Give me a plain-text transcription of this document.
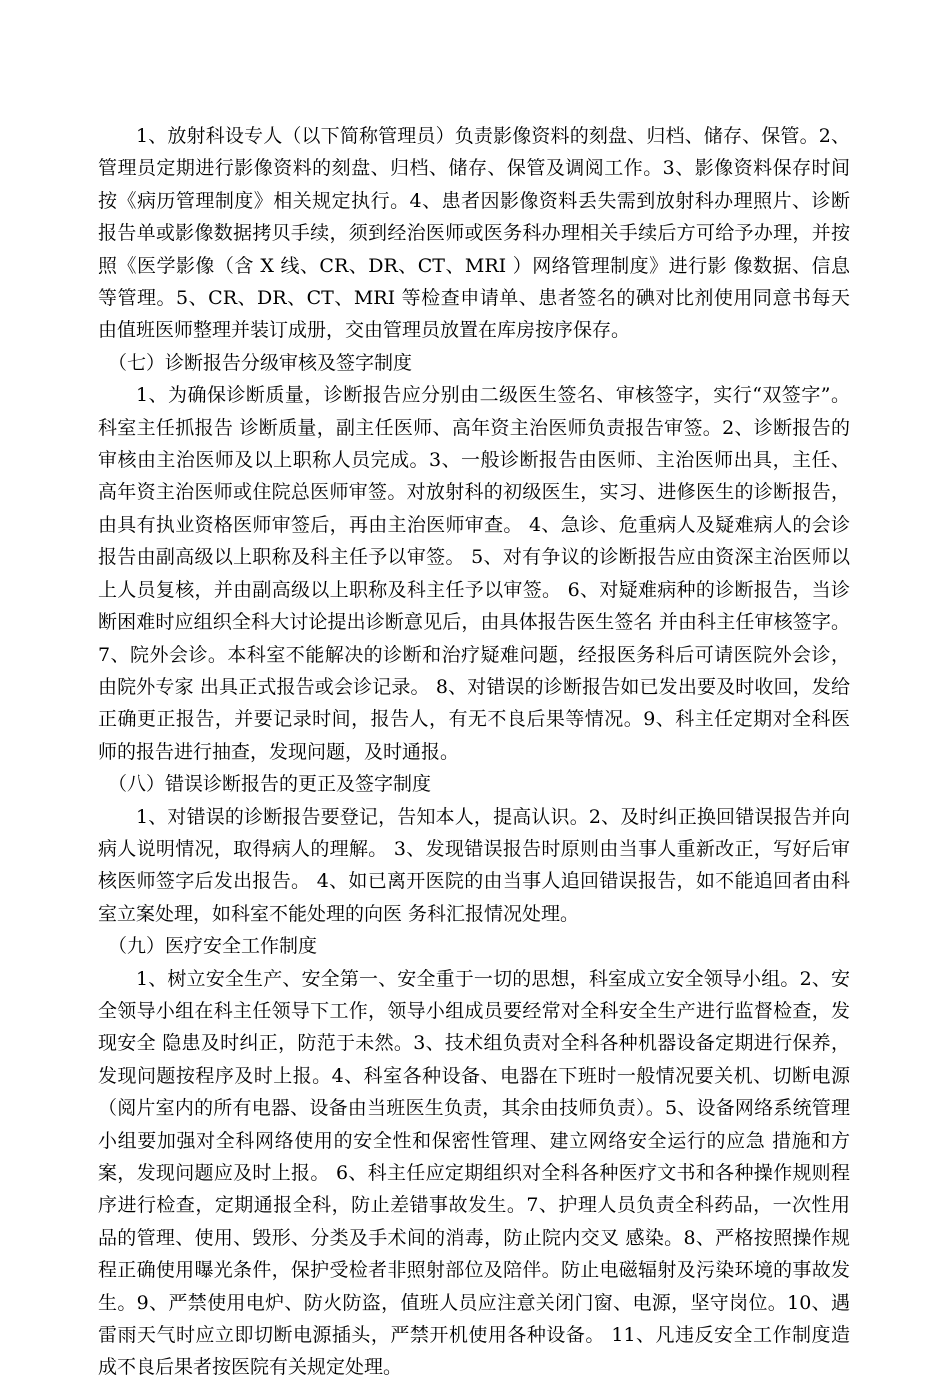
1、放射科设专人（以下简称管理员）负责影像资料的刻盘、归档、储存、保管。2、管理员定期进行影像资料的刻盘、归档、储存、保管及调阅工作。3、影像资料保存时间按《病历管理制度》相关规定执行。4、患者因影像资料丢失需到放射科办理照片、诊断报告单或影像数据拷贝手续，须到经治医师或医务科办理相关手续后方可给予办理，并按照《医学影像（含 X 线、CR、DR、CT、MRI ）网络管理制度》进行影 像数据、信息等管理。5、CR、DR、CT、MRI 等检查申请单、患者签名的碘对比剂使用同意书每天由值班医师整理并装订成册，交由管理员放置在库房按序保存。

（七）诊断报告分级审核及签字制度

1、为确保诊断质量，诊断报告应分别由二级医生签名、审核签字，实行“双签字”。科室主任抓报告 诊断质量，副主任医师、高年资主治医师负责报告审签。2、诊断报告的审核由主治医师及以上职称人员完成。3、一般诊断报告由医师、主治医师出具，主任、高年资主治医师或住院总医师审签。对放射科的初级医生，实习、进修医生的诊断报告，由具有执业资格医师审签后，再由主治医师审查。 4、急诊、危重病人及疑难病人的会诊报告由副高级以上职称及科主任予以审签。 5、对有争议的诊断报告应由资深主治医师以上人员复核，并由副高级以上职称及科主任予以审签。 6、对疑难病种的诊断报告，当诊断困难时应组织全科大讨论提出诊断意见后，由具体报告医生签名 并由科主任审核签字。7、院外会诊。本科室不能解决的诊断和治疗疑难问题，经报医务科后可请医院外会诊，由院外专家 出具正式报告或会诊记录。 8、对错误的诊断报告如已发出要及时收回，发给正确更正报告，并要记录时间，报告人，有无不良后果等情况。9、科主任定期对全科医师的报告进行抽查，发现问题，及时通报。

（八）错误诊断报告的更正及签字制度

1、对错误的诊断报告要登记，告知本人，提高认识。2、及时纠正换回错误报告并向病人说明情况，取得病人的理解。 3、发现错误报告时原则由当事人重新改正，写好后审核医师签字后发出报告。 4、如已离开医院的由当事人追回错误报告，如不能追回者由科室立案处理，如科室不能处理的向医 务科汇报情况处理。

（九）医疗安全工作制度

1、树立安全生产、安全第一、安全重于一切的思想，科室成立安全领导小组。2、安全领导小组在科主任领导下工作，领导小组成员要经常对全科安全生产进行监督检查，发现安全 隐患及时纠正，防范于未然。3、技术组负责对全科各种机器设备定期进行保养，发现问题按程序及时上报。4、科室各种设备、电器在下班时一般情况要关机、切断电源（阅片室内的所有电器、设备由当班医生负责，其余由技师负责）。5、设备网络系统管理小组要加强对全科网络使用的安全性和保密性管理、建立网络安全运行的应急 措施和方案，发现问题应及时上报。 6、科主任应定期组织对全科各种医疗文书和各种操作规则程序进行检查，定期通报全科，防止差错事故发生。7、护理人员负责全科药品，一次性用品的管理、使用、毁形、分类及手术间的消毒，防止院内交叉 感染。8、严格按照操作规程正确使用曝光条件，保护受检者非照射部位及陪伴。防止电磁辐射及污染环境的事故发生。9、严禁使用电炉、防火防盗，值班人员应注意关闭门窗、电源，坚守岗位。10、遇雷雨天气时应立即切断电源插头，严禁开机使用各种设备。 11、凡违反安全工作制度造成不良后果者按医院有关规定处理。
